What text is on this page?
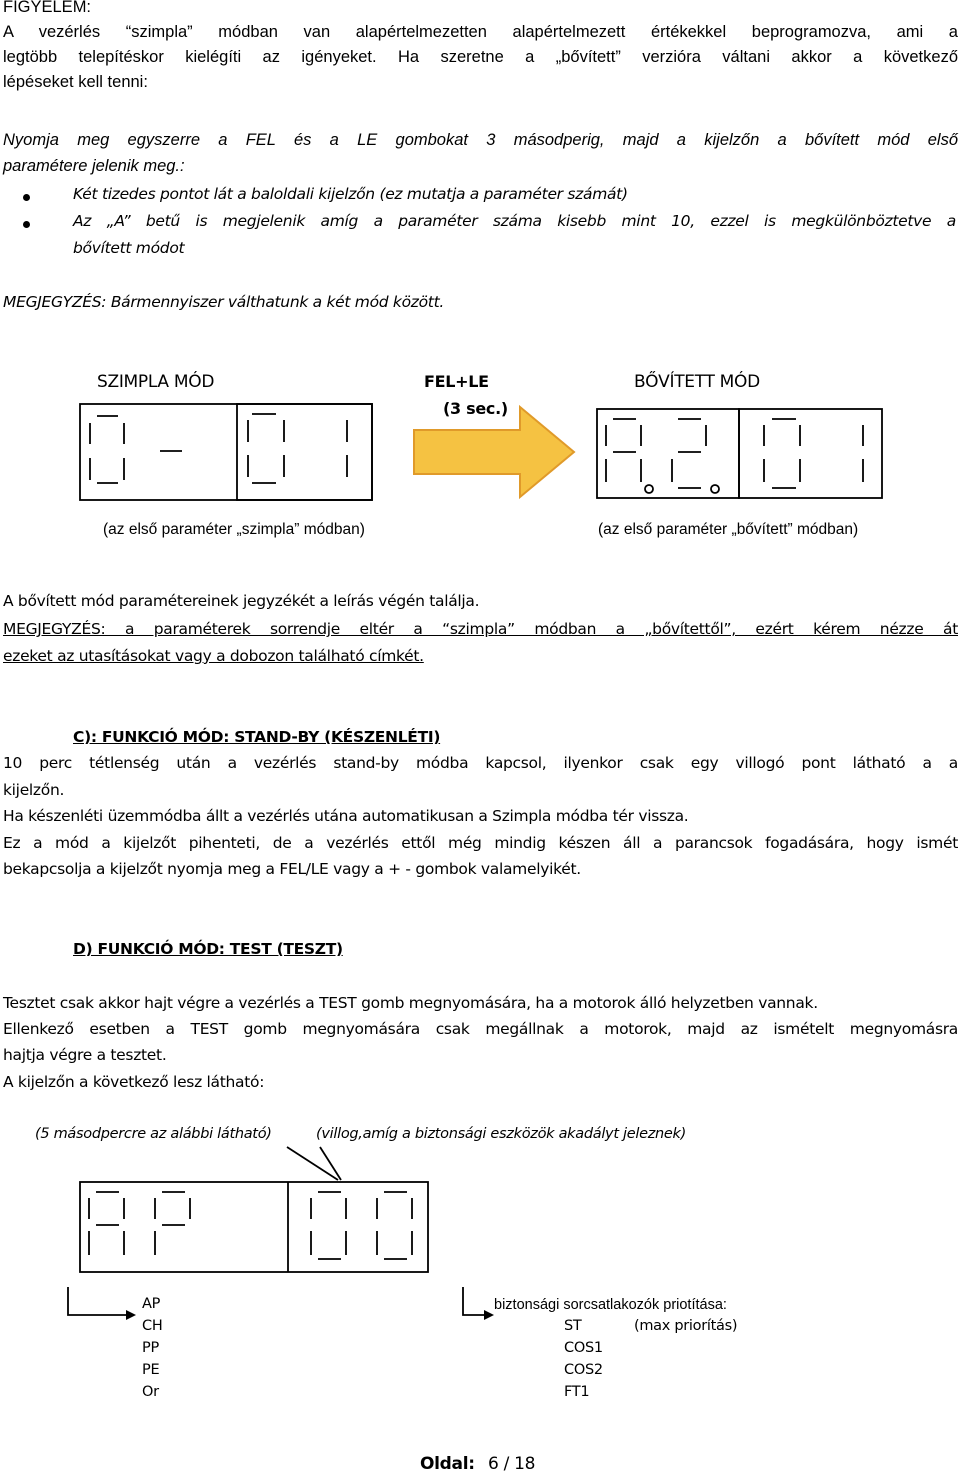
FIGYELEM:
A vezérlés “szimpla” módban van alapértelmezetten alapértelmezett értékekkel beprogramozva, ami a
legtöbb telepítéskor kielégíti az igényeket. Ha szeretne a „bővített” verzióra váltani akkor a következő
lépéseket kell tenni:
Nyomja meg egyszerre a FEL és a LE gombokat 3 másodperig, majd a kijelzőn a bővített mód első
paramétere jelenik meg.:
Két tizedes pontot lát a baloldali kijelzőn (ez mutatja a paraméter számát)
Az „A” betű is megjelenik amíg a paraméter száma kisebb mint 10, ezzel is megkülönböztetve a
bővített módot
MEGJEGYZÉS: Bármennyiszer válthatunk a két mód között.
SZIMPLA MÓD	FEL+LE
(3 sec.)
BŐVÍTETT MÓD
(az első paraméter „szimpla” módban)	(az első paraméter „bővített” módban)
A bővített mód paramétereinek jegyzékét a leírás végén találja.
MEGJEGYZÉS: a paraméterek sorrendje eltér a “szimpla” módban a „bővítettől”, ezért kérem nézze át
ezeket az utasításokat vagy a dobozon található címkét.
C): FUNKCIÓ MÓD: STAND-BY (KÉSZENLÉTI)
10 perc tétlenség után a vezérlés stand-by módba kapcsol, ilyenkor csak egy villogó pont látható a a
kijelzőn.
Ha készenléti üzemmódba állt a vezérlés utána automatikusan a Szimpla módba tér vissza.
Ez a mód a kijelzőt pihenteti, de a vezérlés ettől még mindig készen áll a parancsok fogadására, hogy ismét
bekapcsolja a kijelzőt nyomja meg a FEL/LE vagy a + - gombok valamelyikét.
D) FUNKCIÓ MÓD: TEST (TESZT)
Tesztet csak akkor hajt végre a vezérlés a TEST gomb megnyomására, ha a motorok álló helyzetben vannak.
Ellenkező esetben a TEST gomb megnyomására csak megállnak a motorok, majd az ismételt megnyomásra
hajtja végre a tesztet.
A kijelzőn a következő lesz látható:
(5 másodpercre az alábbi látható)	(villog,amíg a biztonsági eszközök akadályt jeleznek)
AP
CH
PP
PE
Or
biztonsági sorcsatlakozók priotítása:
ST	(max priorítás)
COS1
COS2
FT1
Oldal: 6 / 18
